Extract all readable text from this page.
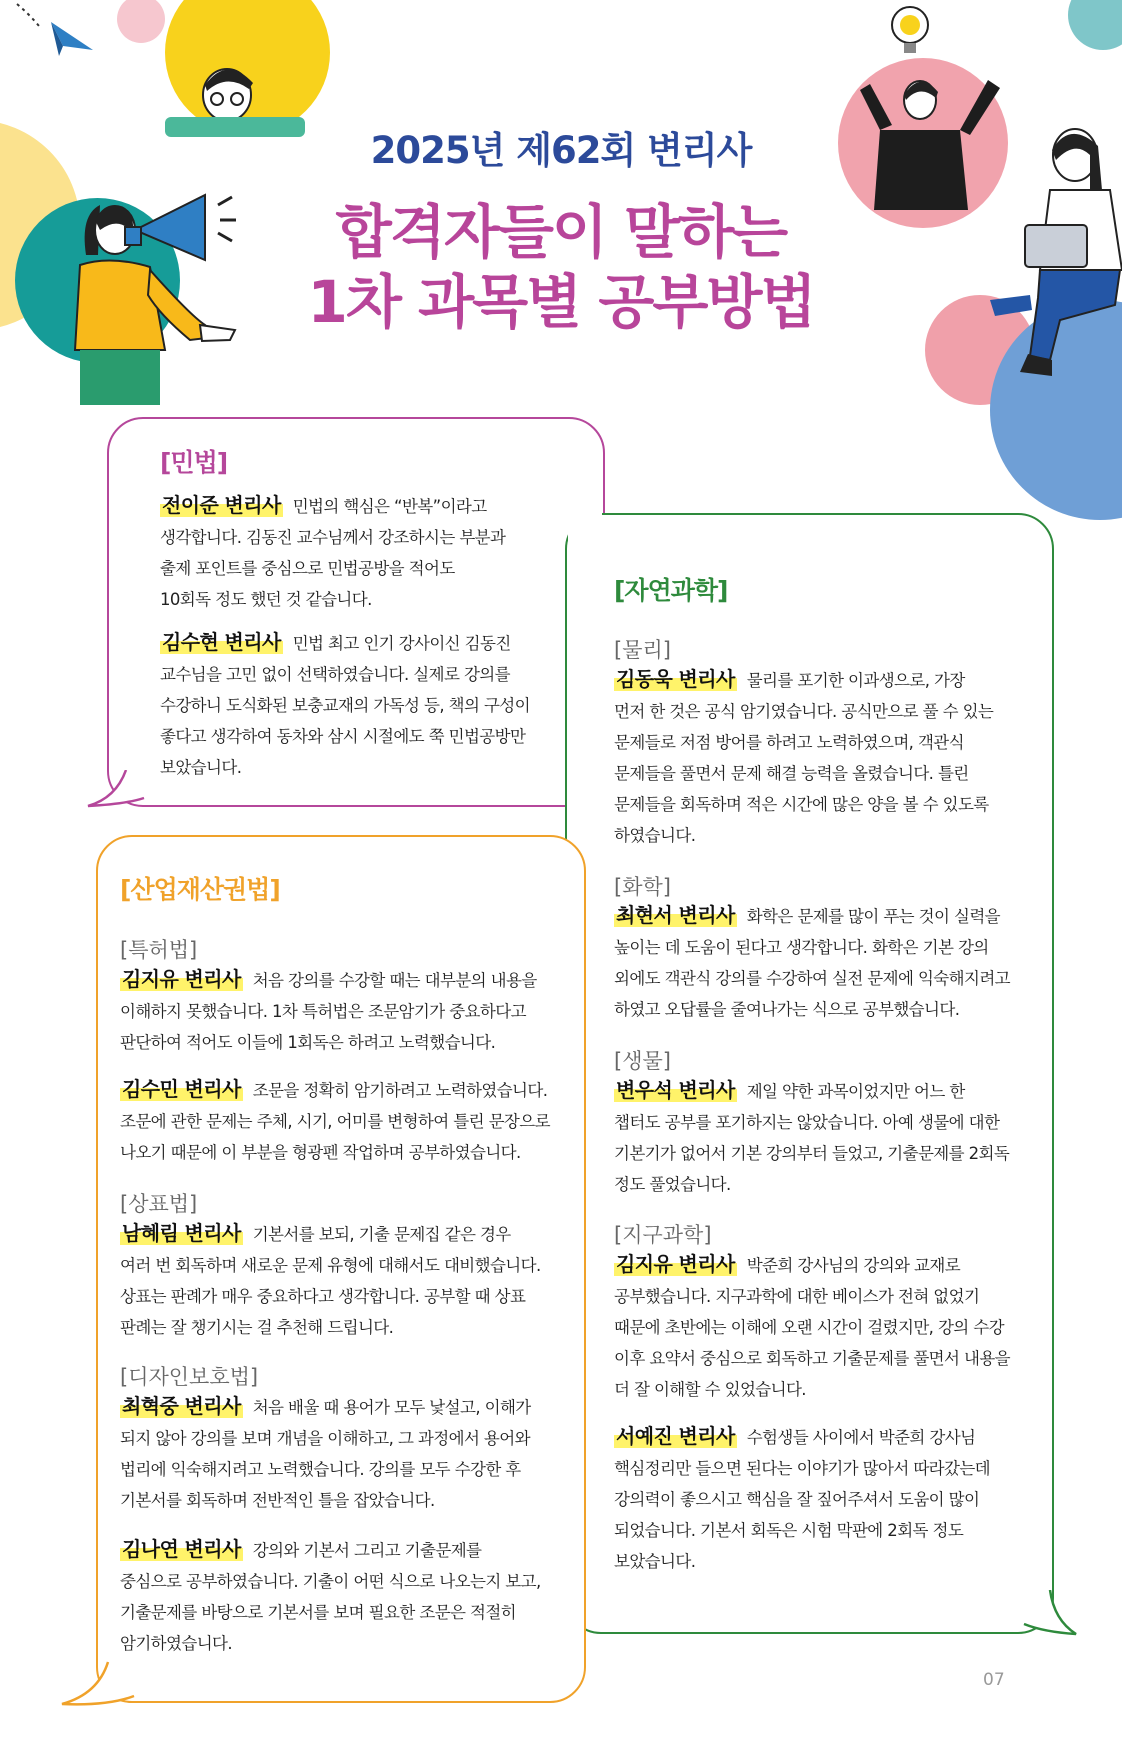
2025년 제62회 변리사
합격자들이 말하는
1차 과목별 공부방법
[민법]
전이준 변리사 민법의 핵심은 “반복”이라고
생각합니다. 김동진 교수님께서 강조하시는 부분과
출제 포인트를 중심으로 민법공방을 적어도
10회독 정도 했던 것 같습니다.
김수현 변리사 민법 최고 인기 강사이신 김동진
교수님을 고민 없이 선택하였습니다. 실제로 강의를
수강하니 도식화된 보충교재의 가독성 등, 책의 구성이
좋다고 생각하여 동차와 삼시 시절에도 쭉 민법공방만
보았습니다.
[자연과학]
[물리]
김동욱 변리사 물리를 포기한 이과생으로, 가장
먼저 한 것은 공식 암기였습니다. 공식만으로 풀 수 있는
문제들로 저점 방어를 하려고 노력하였으며, 객관식
문제들을 풀면서 문제 해결 능력을 올렸습니다. 틀린
문제들을 회독하며 적은 시간에 많은 양을 볼 수 있도록
하였습니다.
[화학]
최현서 변리사 화학은 문제를 많이 푸는 것이 실력을
높이는 데 도움이 된다고 생각합니다. 화학은 기본 강의
외에도 객관식 강의를 수강하여 실전 문제에 익숙해지려고
하였고 오답률을 줄여나가는 식으로 공부했습니다.
[생물]
변우석 변리사 제일 약한 과목이었지만 어느 한
챕터도 공부를 포기하지는 않았습니다. 아예 생물에 대한
기본기가 없어서 기본 강의부터 들었고, 기출문제를 2회독
정도 풀었습니다.
[지구과학]
김지유 변리사 박준희 강사님의 강의와 교재로
공부했습니다. 지구과학에 대한 베이스가 전혀 없었기
때문에 초반에는 이해에 오랜 시간이 걸렸지만, 강의 수강
이후 요약서 중심으로 회독하고 기출문제를 풀면서 내용을
더 잘 이해할 수 있었습니다.
서예진 변리사 수험생들 사이에서 박준희 강사님
핵심정리만 들으면 된다는 이야기가 많아서 따라갔는데
강의력이 좋으시고 핵심을 잘 짚어주셔서 도움이 많이
되었습니다. 기본서 회독은 시험 막판에 2회독 정도
보았습니다.
[산업재산권법]
[특허법]
김지유 변리사 처음 강의를 수강할 때는 대부분의 내용을
이해하지 못했습니다. 1차 특허법은 조문암기가 중요하다고
판단하여 적어도 이들에 1회독은 하려고 노력했습니다.
김수민 변리사 조문을 정확히 암기하려고 노력하였습니다.
조문에 관한 문제는 주체, 시기, 어미를 변형하여 틀린 문장으로
나오기 때문에 이 부분을 형광펜 작업하며 공부하였습니다.
[상표법]
남혜림 변리사 기본서를 보되, 기출 문제집 같은 경우
여러 번 회독하며 새로운 문제 유형에 대해서도 대비했습니다.
상표는 판례가 매우 중요하다고 생각합니다. 공부할 때 상표
판례는 잘 챙기시는 걸 추천해 드립니다.
[디자인보호법]
최혁중 변리사 처음 배울 때 용어가 모두 낯설고, 이해가
되지 않아 강의를 보며 개념을 이해하고, 그 과정에서 용어와
법리에 익숙해지려고 노력했습니다. 강의를 모두 수강한 후
기본서를 회독하며 전반적인 틀을 잡았습니다.
김나연 변리사 강의와 기본서 그리고 기출문제를
중심으로 공부하였습니다. 기출이 어떤 식으로 나오는지 보고,
기출문제를 바탕으로 기본서를 보며 필요한 조문은 적절히
암기하였습니다.
07
